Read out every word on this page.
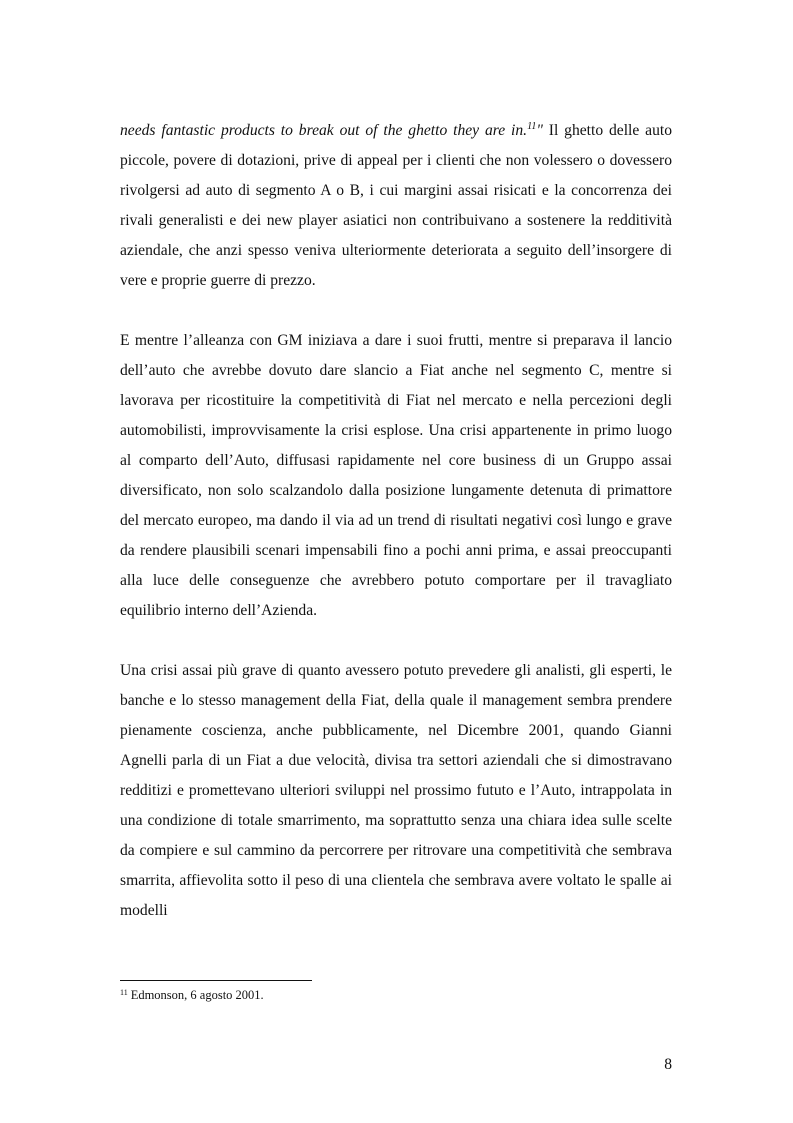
needs fantastic products to break out of the ghetto they are in.$^{11}$" Il ghetto delle auto piccole, povere di dotazioni, prive di appeal per i clienti che non volessero o dovessero rivolgersi ad auto di segmento A o B, i cui margini assai risicati e la concorrenza dei rivali generalisti e dei new player asiatici non contribuivano a sostenere la redditività aziendale, che anzi spesso veniva ulteriormente deteriorata a seguito dell’insorgere di vere e proprie guerre di prezzo.

E mentre l’alleanza con GM iniziava a dare i suoi frutti, mentre si preparava il lancio dell’auto che avrebbe dovuto dare slancio a Fiat anche nel segmento C, mentre si lavorava per ricostituire la competitività di Fiat nel mercato e nella percezioni degli automobilisti, improvvisamente la crisi esplose. Una crisi appartenente in primo luogo al comparto dell’Auto, diffusasi rapidamente nel core business di un Gruppo assai diversificato, non solo scalzandolo dalla posizione lungamente detenuta di primattore del mercato europeo, ma dando il via ad un trend di risultati negativi così lungo e grave da rendere plausibili scenari impensabili fino a pochi anni prima, e assai preoccupanti alla luce delle conseguenze che avrebbero potuto comportare per il travagliato equilibrio interno dell’Azienda.

Una crisi assai più grave di quanto avessero potuto prevedere gli analisti, gli esperti, le banche e lo stesso management della Fiat, della quale il management sembra prendere pienamente coscienza, anche pubblicamente, nel Dicembre 2001, quando Gianni Agnelli parla di un Fiat a due velocità, divisa tra settori aziendali che si dimostravano redditizi e promettevano ulteriori sviluppi nel prossimo fututo e l’Auto, intrappolata in una condizione di totale smarrimento, ma soprattutto senza una chiara idea sulle scelte da compiere e sul cammino da percorrere per ritrovare una competitività che sembrava smarrita, affievolita sotto il peso di una clientela che sembrava avere voltato le spalle ai modelli

$^{11}$ Edmonson, 6 agosto 2001.
8
